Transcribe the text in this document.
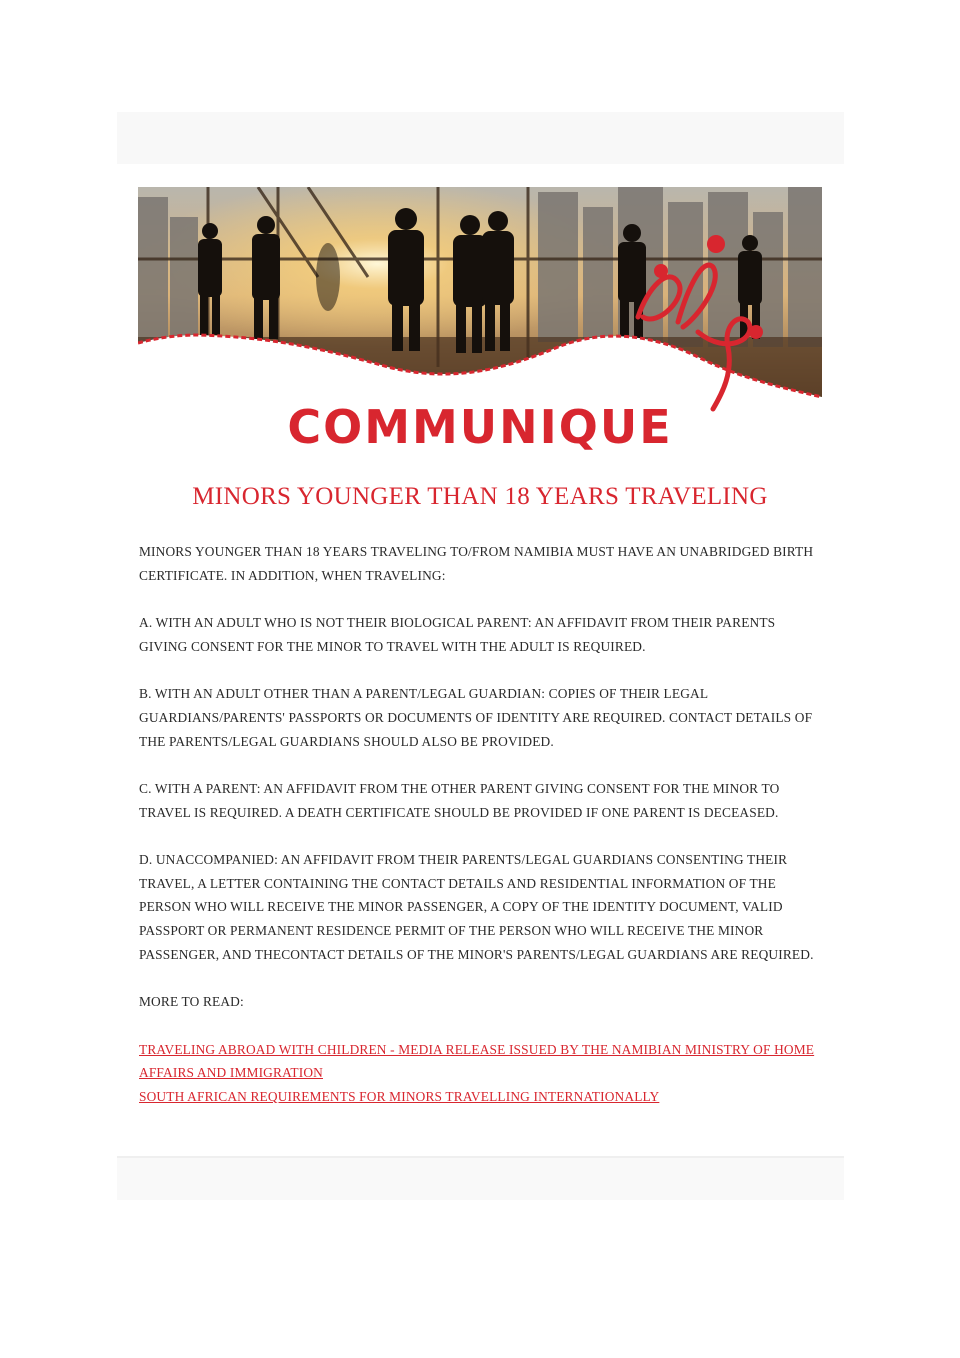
COMMUNIQUE
MINORS YOUNGER THAN 18 YEARS TRAVELING

MINORS YOUNGER THAN 18 YEARS TRAVELING TO/FROM NAMIBIA MUST HAVE AN UNABRIDGED BIRTH CERTIFICATE. IN ADDITION, WHEN TRAVELING:

A. WITH AN ADULT WHO IS NOT THEIR BIOLOGICAL PARENT: AN AFFIDAVIT FROM THEIR PARENTS GIVING CONSENT FOR THE MINOR TO TRAVEL WITH THE ADULT IS REQUIRED.

B. WITH AN ADULT OTHER THAN A PARENT/LEGAL GUARDIAN: COPIES OF THEIR LEGAL GUARDIANS/PARENTS' PASSPORTS OR DOCUMENTS OF IDENTITY ARE REQUIRED. CONTACT DETAILS OF THE PARENTS/LEGAL GUARDIANS SHOULD ALSO BE PROVIDED.

C. WITH A PARENT: AN AFFIDAVIT FROM THE OTHER PARENT GIVING CONSENT FOR THE MINOR TO TRAVEL IS REQUIRED. A DEATH CERTIFICATE SHOULD BE PROVIDED IF ONE PARENT IS DECEASED.

D. UNACCOMPANIED: AN AFFIDAVIT FROM THEIR PARENTS/LEGAL GUARDIANS CONSENTING THEIR TRAVEL, A LETTER CONTAINING THE CONTACT DETAILS AND RESIDENTIAL INFORMATION OF THE PERSON WHO WILL RECEIVE THE MINOR PASSENGER, A COPY OF THE IDENTITY DOCUMENT, VALID PASSPORT OR PERMANENT RESIDENCE PERMIT OF THE PERSON WHO WILL RECEIVE THE MINOR PASSENGER, AND THECONTACT DETAILS OF THE MINOR'S PARENTS/LEGAL GUARDIANS ARE REQUIRED.

MORE TO READ:

TRAVELING ABROAD WITH CHILDREN - MEDIA RELEASE ISSUED BY THE NAMIBIAN MINISTRY OF HOME AFFAIRS AND IMMIGRATION
SOUTH AFRICAN REQUIREMENTS FOR MINORS TRAVELLING INTERNATIONALLY
